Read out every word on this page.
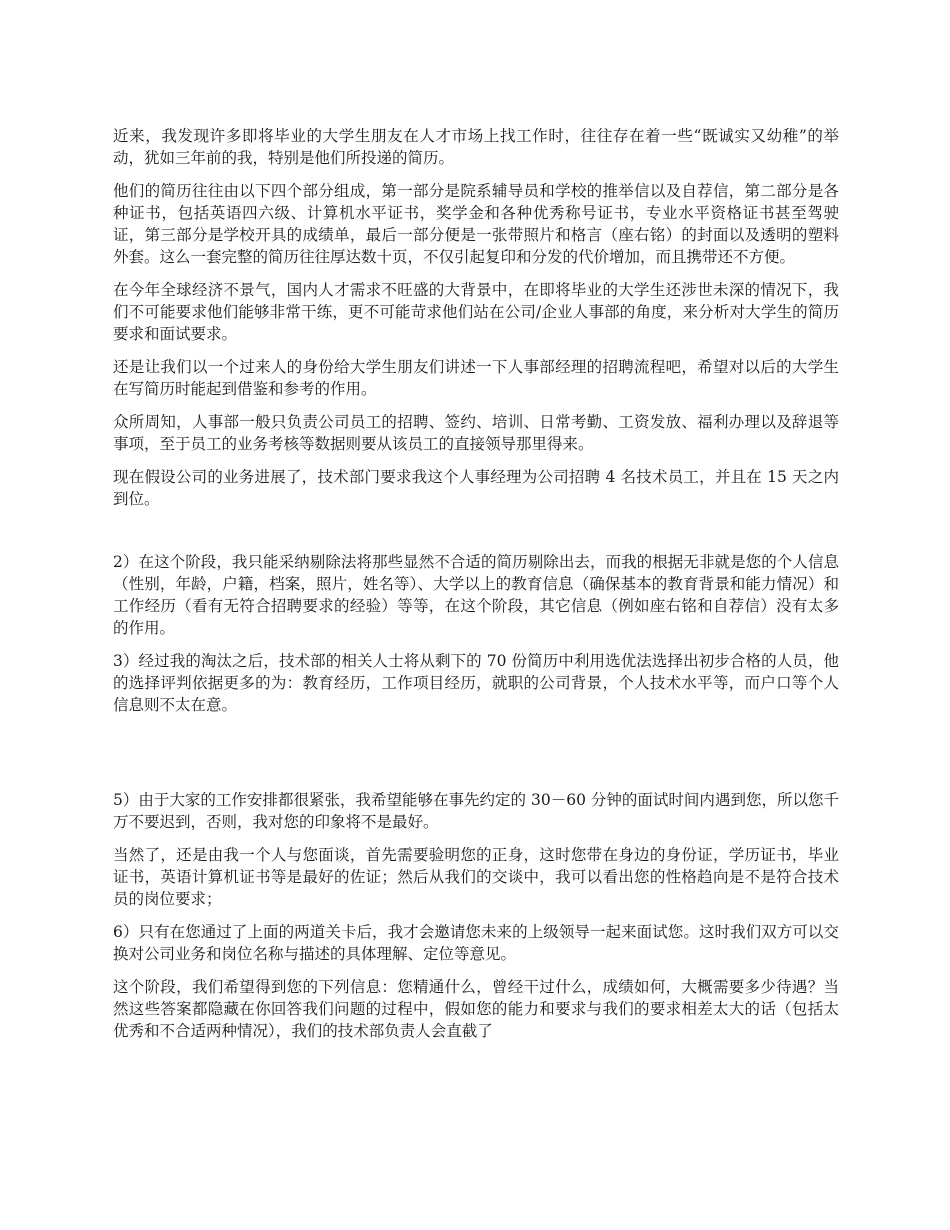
近来，我发现许多即将毕业的大学生朋友在人才市场上找工作时，往往存在着一些“既诚实又幼稚”的举动，犹如三年前的我，特别是他们所投递的简历。

他们的简历往往由以下四个部分组成，第一部分是院系辅导员和学校的推举信以及自荐信，第二部分是各种证书，包括英语四六级、计算机水平证书，奖学金和各种优秀称号证书，专业水平资格证书甚至驾驶证，第三部分是学校开具的成绩单，最后一部分便是一张带照片和格言（座右铭）的封面以及透明的塑料外套。这么一套完整的简历往往厚达数十页，不仅引起复印和分发的代价增加，而且携带还不方便。

在今年全球经济不景气，国内人才需求不旺盛的大背景中，在即将毕业的大学生还涉世未深的情况下，我们不可能要求他们能够非常干练，更不可能苛求他们站在公司/企业人事部的角度，来分析对大学生的简历要求和面试要求。

还是让我们以一个过来人的身份给大学生朋友们讲述一下人事部经理的招聘流程吧，希望对以后的大学生在写简历时能起到借鉴和参考的作用。

众所周知，人事部一般只负责公司员工的招聘、签约、培训、日常考勤、工资发放、福利办理以及辞退等事项，至于员工的业务考核等数据则要从该员工的直接领导那里得来。

现在假设公司的业务进展了，技术部门要求我这个人事经理为公司招聘 4 名技术员工，并且在 15 天之内到位。

2）在这个阶段，我只能采纳剔除法将那些显然不合适的简历剔除出去，而我的根据无非就是您的个人信息（性别，年龄，户籍，档案，照片，姓名等）、大学以上的教育信息（确保基本的教育背景和能力情况）和工作经历（看有无符合招聘要求的经验）等等，在这个阶段，其它信息（例如座右铭和自荐信）没有太多的作用。

3）经过我的淘汰之后，技术部的相关人士将从剩下的 70 份简历中利用选优法选择出初步合格的人员，他的选择评判依据更多的为：教育经历，工作项目经历，就职的公司背景，个人技术水平等，而户口等个人信息则不太在意。

5）由于大家的工作安排都很紧张，我希望能够在事先约定的 30－60 分钟的面试时间内遇到您，所以您千万不要迟到，否则，我对您的印象将不是最好。

当然了，还是由我一个人与您面谈，首先需要验明您的正身，这时您带在身边的身份证，学历证书，毕业证书，英语计算机证书等是最好的佐证；然后从我们的交谈中，我可以看出您的性格趋向是不是符合技术员的岗位要求；

6）只有在您通过了上面的两道关卡后，我才会邀请您未来的上级领导一起来面试您。这时我们双方可以交换对公司业务和岗位名称与描述的具体理解、定位等意见。

这个阶段，我们希望得到您的下列信息：您精通什么，曾经干过什么，成绩如何，大概需要多少待遇？当然这些答案都隐藏在你回答我们问题的过程中，假如您的能力和要求与我们的要求相差太大的话（包括太优秀和不合适两种情况），我们的技术部负责人会直截了
